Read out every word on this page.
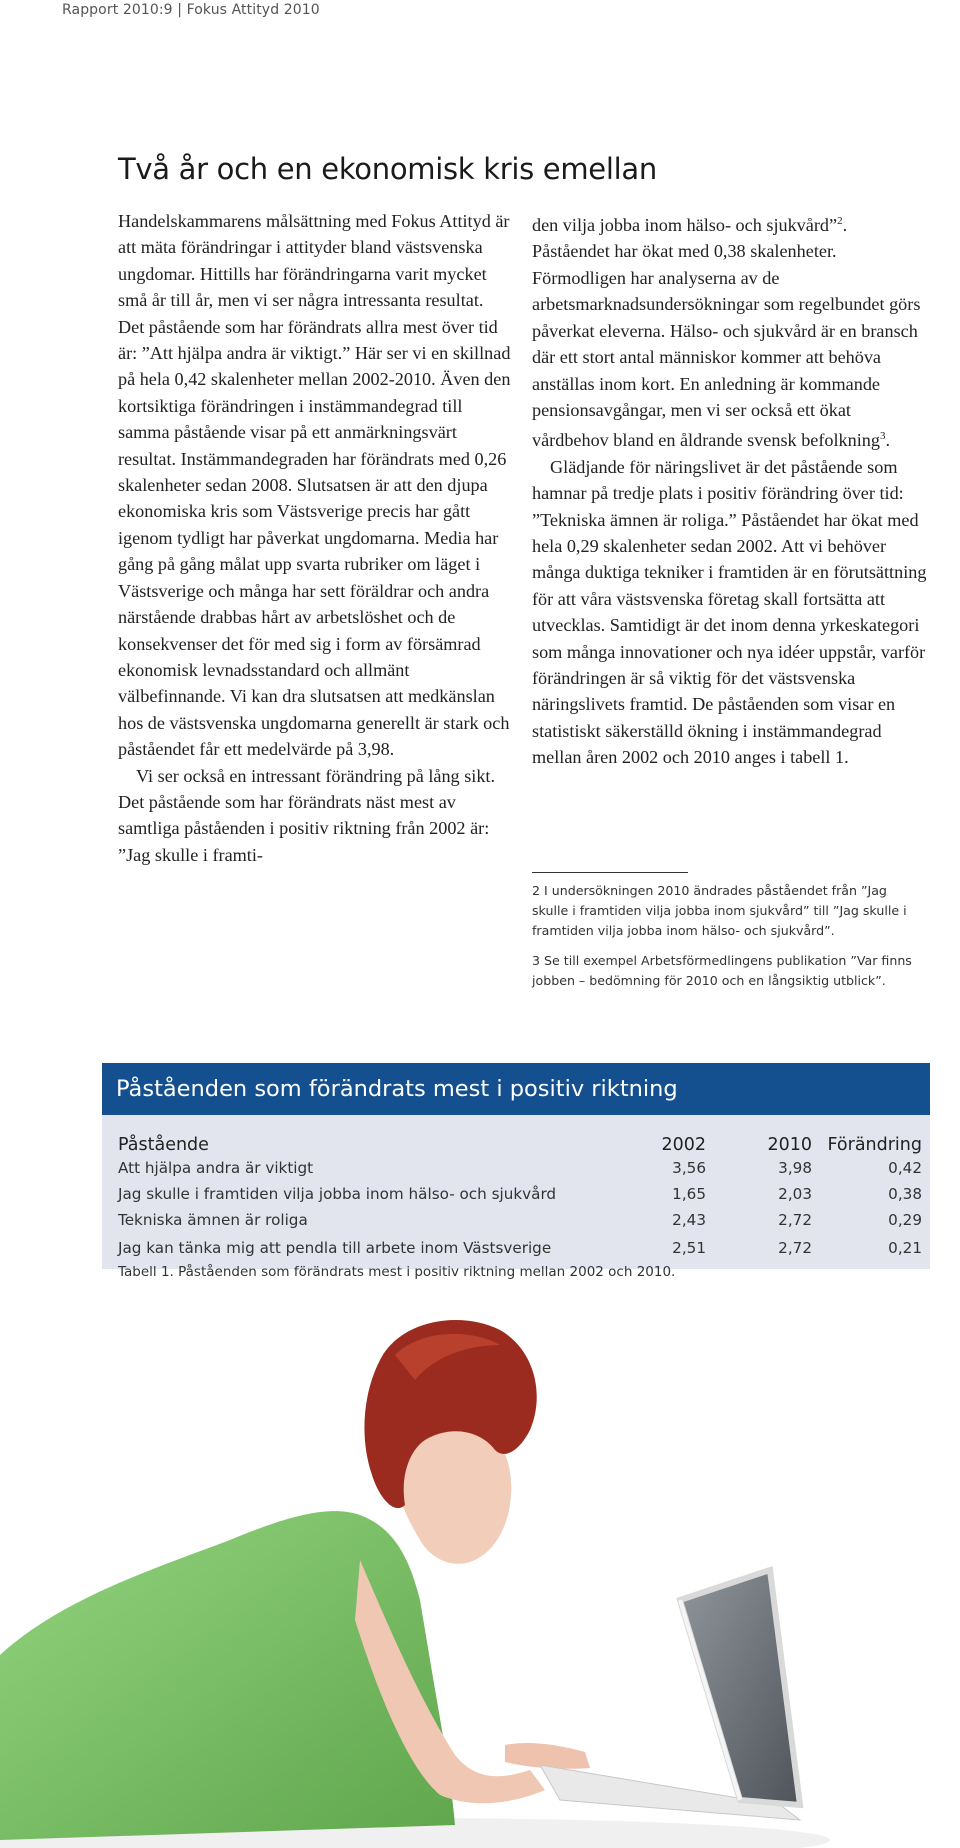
Rapport 2010:9 | Fokus Attityd 2010
Två år och en ekonomisk kris emellan

Handelskammarens målsättning med Fokus Attityd är att mäta förändringar i attityder bland västsvenska ungdomar. Hittills har förändringarna varit mycket små år till år, men vi ser några intressanta resultat. Det påstående som har förändrats allra mest över tid är: ”Att hjälpa andra är viktigt.” Här ser vi en skillnad på hela 0,42 skalenheter mellan 2002-2010. Även den kortsiktiga förändringen i instämmandegrad till samma påstående visar på ett anmärkningsvärt resultat. Instämmandegraden har förändrats med 0,26 skalenheter sedan 2008. Slutsatsen är att den djupa ekonomiska kris som Västsverige precis har gått igenom tydligt har påverkat ungdomarna. Media har gång på gång målat upp svarta rubriker om läget i Västsverige och många har sett föräldrar och andra närstående drabbas hårt av arbetslöshet och de konsekvenser det för med sig i form av försämrad ekonomisk levnadsstandard och allmänt välbefinnande. Vi kan dra slutsatsen att medkänslan hos de västsvenska ungdomarna generellt är stark och påståendet får ett medelvärde på 3,98.

Vi ser också en intressant förändring på lång sikt. Det påstående som har förändrats näst mest av samtliga påståenden i positiv riktning från 2002 är: ”Jag skulle i framti-

den vilja jobba inom hälso- och sjukvård”$^2$. Påståendet har ökat med 0,38 skalenheter. Förmodligen har analyserna av de arbetsmarknadsundersökningar som regelbundet görs påverkat eleverna. Hälso- och sjukvård är en bransch där ett stort antal människor kommer att behöva anställas inom kort. En anledning är kommande pensionsavgångar, men vi ser också ett ökat vårdbehov bland en åldrande svensk befolkning$^3$.

Glädjande för näringslivet är det påstående som hamnar på tredje plats i positiv förändring över tid: ”Tekniska ämnen är roliga.” Påståendet har ökat med hela 0,29 skalenheter sedan 2002. Att vi behöver många duktiga tekniker i framtiden är en förutsättning för att våra västsvenska företag skall fortsätta att utvecklas. Samtidigt är det inom denna yrkeskategori som många innovationer och nya idéer uppstår, varför förändringen är så viktig för det västsvenska näringslivets framtid. De påståenden som visar en statistiskt säkerställd ökning i instämmandegrad mellan åren 2002 och 2010 anges i tabell 1.

2 I undersökningen 2010 ändrades påståendet från ”Jag skulle i framtiden vilja jobba inom sjukvård” till ”Jag skulle i framtiden vilja jobba inom hälso- och sjukvård”.

3 Se till exempel Arbetsförmedlingens publikation ”Var finns jobben – bedömning för 2010 och en långsiktig utblick”.

Påståenden som förändrats mest i positiv riktning
Påstående	2002	2010	Förändring
Att hjälpa andra är viktigt	3,56	3,98	0,42
Jag skulle i framtiden vilja jobba inom hälso- och sjukvård	1,65	2,03	0,38
Tekniska ämnen är roliga	2,43	2,72	0,29
Jag kan tänka mig att pendla till arbete inom Västsverige	2,51	2,72	0,21
Tabell 1. Påståenden som förändrats mest i positiv riktning mellan 2002 och 2010.
